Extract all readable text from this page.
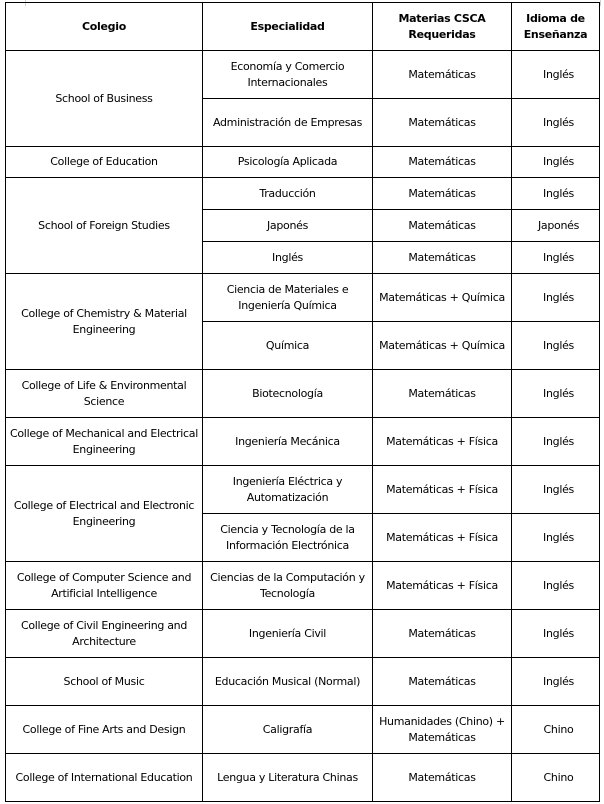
Colegio	Especialidad	Materias CSCA Requeridas	Idioma de Enseñanza
School of Business	Economía y Comercio Internacionales	Matemáticas	Inglés
	Administración de Empresas	Matemáticas	Inglés
College of Education	Psicología Aplicada	Matemáticas	Inglés
School of Foreign Studies	Traducción	Matemáticas	Inglés
	Japonés	Matemáticas	Japonés
	Inglés	Matemáticas	Inglés
College of Chemistry & Material Engineering	Ciencia de Materiales e Ingeniería Química	Matemáticas + Química	Inglés
	Química	Matemáticas + Química	Inglés
College of Life & Environmental Science	Biotecnología	Matemáticas	Inglés
College of Mechanical and Electrical Engineering	Ingeniería Mecánica	Matemáticas + Física	Inglés
College of Electrical and Electronic Engineering	Ingeniería Eléctrica y Automatización	Matemáticas + Física	Inglés
	Ciencia y Tecnología de la Información Electrónica	Matemáticas + Física	Inglés
College of Computer Science and Artificial Intelligence	Ciencias de la Computación y Tecnología	Matemáticas + Física	Inglés
College of Civil Engineering and Architecture	Ingeniería Civil	Matemáticas	Inglés
School of Music	Educación Musical (Normal)	Matemáticas	Inglés
College of Fine Arts and Design	Caligrafía	Humanidades (Chino) + Matemáticas	Chino
College of International Education	Lengua y Literatura Chinas	Matemáticas	Chino
